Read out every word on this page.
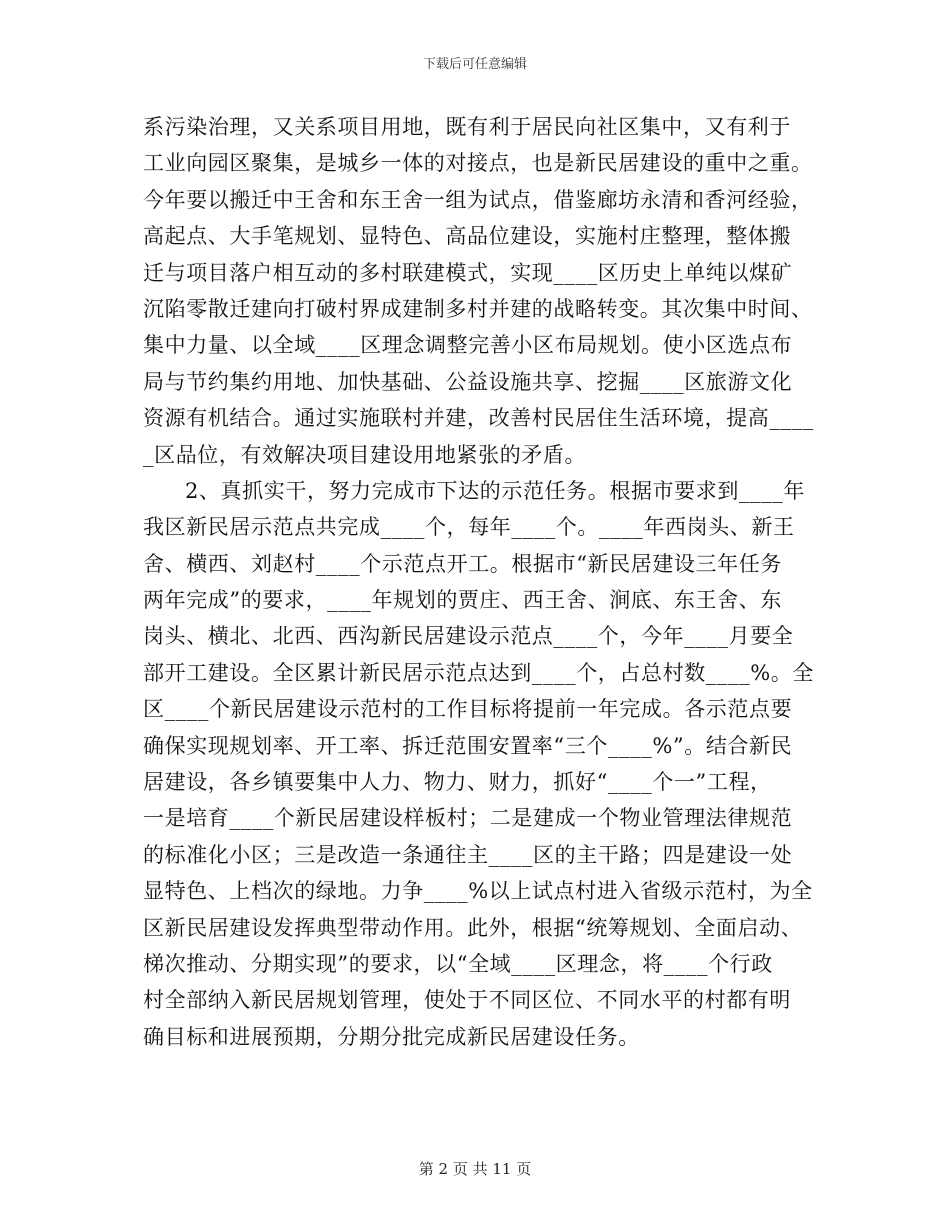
下载后可任意编辑
系污染治理，又关系项目用地，既有利于居民向社区集中，又有利于
工业向园区聚集，是城乡一体的对接点，也是新民居建设的重中之重。
今年要以搬迁中王舍和东王舍一组为试点，借鉴廊坊永清和香河经验，
高起点、大手笔规划、显特色、高品位建设，实施村庄整理，整体搬
迁与项目落户相互动的多村联建模式，实现____区历史上单纯以煤矿
沉陷零散迁建向打破村界成建制多村并建的战略转变。其次集中时间、
集中力量、以全域____区理念调整完善小区布局规划。使小区选点布
局与节约集约用地、加快基础、公益设施共享、挖掘____区旅游文化
资源有机结合。通过实施联村并建，改善村民居住生活环境，提高____
_区品位，有效解决项目建设用地紧张的矛盾。
2、真抓实干，努力完成市下达的示范任务。根据市要求到____年
我区新民居示范点共完成____个，每年____个。____年西岗头、新王
舍、横西、刘赵村____个示范点开工。根据市“新民居建设三年任务
两年完成”的要求，____年规划的贾庄、西王舍、涧底、东王舍、东
岗头、横北、北西、西沟新民居建设示范点____个，今年____月要全
部开工建设。全区累计新民居示范点达到____个，占总村数____%。全
区____个新民居建设示范村的工作目标将提前一年完成。各示范点要
确保实现规划率、开工率、拆迁范围安置率“三个____%”。结合新民
居建设，各乡镇要集中人力、物力、财力，抓好“____个一”工程，
一是培育____个新民居建设样板村；二是建成一个物业管理法律规范
的标准化小区；三是改造一条通往主____区的主干路；四是建设一处
显特色、上档次的绿地。力争____%以上试点村进入省级示范村，为全
区新民居建设发挥典型带动作用。此外，根据“统筹规划、全面启动、
梯次推动、分期实现”的要求，以“全域____区理念，将____个行政
村全部纳入新民居规划管理，使处于不同区位、不同水平的村都有明
确目标和进展预期，分期分批完成新民居建设任务。
第 2 页 共 11 页
